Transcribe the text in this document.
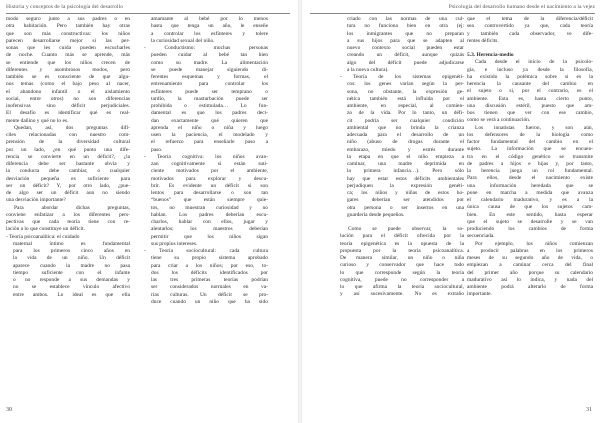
Historia y conceptos de la psicología del desarrollo
modo seguro junto a sus padres o en
otra habitación. Pero también hay otras
que son más constructivas: los niños
parecen desarrollarse mejor si las per-
sonas que les cuida pueden escucharles
de noche. Cuanto más se aprende, más
se entiende que los niños crecen de
diferentes y asombrosos modos, pero
también se es consciente de que algu-
nos temas (como el bajo peso al nacer,
el abandono infantil o el aislamiento
social, entre otros) no son diferencias
inofensivas sino déficit perjudiciales.
El desafío es identificar qué es real-
mente dañino y qué no lo es.
Quedan, así, dos preguntas difí-
ciles relacionadas con nuestro com-
prensión de la diversidad cultural
por un lado, ¿en qué punto una dife-
rencia se convierte en un déficit?, ¿la
diferencia debe ser bastante obvia y
la conducta debe cambiar, o cualquier
desviación pequeña es suficiente para
ser un déficit? Y, por otro lado, ¿pue-
de algo ser un déficit aun no siendo
una desviación importante?
Para abordar dichas preguntas,
conviene enfatizar a los diferentes pers-
pectivas que cada teoría tiene con re-
lación a lo que constituye un déficit.
- Teoría psicoanalítica: el cuidado
maternal íntimo es fundamental
para los primeros cinco años en
la vida de un niño. Un déficit
aparece cuando la madre no pasa
tiempo suficiente con el infante
o no responde a sus demandas y
no se establece vínculo afectivo
entre ambos. Lo ideal es que ella
amamante al bebé por lo menos
hasta que tenga un año, le enseñe
a controlar los esfínteres y tolere
la curiosidad sexual del niño.
- Conductismo: muchas personas
pueden cuidar al bebé tan bien
como su madre. La alimentación
se puede manejar siguiendo di-
ferentes esquemas y formas, el
entrenamiento para controlar los
esfínteres puede ser temprano o
tardío, la masturbación puede ser
prohibida o estimulada… Lo fun-
damental es que los padres deci-
dan exactamente qué quieren que
aprenda el niño o niña y luego
usen la paciencia, el modelado y
el refuerzo para enseñarle paso a
paso.
- Teoría cognitiva: los niños avan-
zan cognitivamente si están suti-
ciente motivados por el ambiente,
motivados para explorar y descu-
brir. Es evidente un déficit si son
lentos para desarrollarse o son tan
“buenos” que están siempre quie-
tos, no muestran curiosidad y no
hablan. Los padres deberían escu-
charlos, hablar con ellos, jugar y
alentarlos; los maestros deberían
permitir que los niños sigan
sus propios intereses.
- Teoría sociocultural: cada cultura
tiene su propio sistema aprobado
para criar a los niños; por eso, to-
dos los déficits identificados por
las tres primeras teorías podrían
ser considerados normales en va-
rias culturas. Un déficit se pro-
duce cuando un niño que ha sido
30
Psicología del desarrollo humano desde el nacimiento a la vejez
criado con las normas de una cul-
tura no funciona bien en otra (ej:
los inmigrantes que no preparan
a sus hijos para que se adapten al
nuevo contexto social pueden estar
creando un déficit, aunque quizás
algo del déficit puede adjudicarse
a la nueva cultura).
- Teoría de los sistemas epigenéti-
cos: los genes varían según la per-
sona, no obstante, la expresión ge-
nética también está influida por el
ambiente, en especial, al comien-
zo de la vida. Por lo tanto, un défi-
cit podría ser cualquier condición
ambiental que no brinda la crianza
adecuada para el desarrollo de un
niño (abuso de drogas durante el
embarazo, miedo y estrés durante
la etapa en que el niño empieza a
caminar, una madre deprimida en
la primera infancia…). Pero sólo
hay que estar estos déficits ambientales
perjudiquen la expresión genéti-
ca; los niños y niñas de estos ho-
gares deberían ser atendidos por
otra persona o ser insertos en una
guardería desde pequeños.
Como se puede observar, la so-
lución para el déficit ofrecida por la
teoría epigenética es la opuesta de la
propuesta por la teoría psicoanalítica.
De manera similar, un niño o niña
curioso y conservador que hace todo
lo que corresponde según la teoría
cognitiva, puede no corresponder a
lo que afirma la teoría sociocultural,
y así sucesivamente. No es extraño
que el tema de la diferencia/déficit
sea controvertido ya que, cada teoría
y también cada observador, ve dife-
rentes déficits.
5.3. Herencia-medio
Cada desde el inicio de la psicolo-
gía, e incluso ya desde la filosofía,
ha existido la polémica sobre si es la
herencia la causante del cambio en
el sujeto o si, por el contrario, es el
ambiente. Esta es, hasta cierto punto,
una discusión estéril, puesto que am-
bos tienen que ver con ese cambio,
como se verá a continuación.
Los innatistas fueron, y son aún,
los defensores de la biología como
factor fundamental del cambio en el
sujeto. La información que se encuen-
tra en el código genético se transmite
de padres a hijos e hijas y, por tanto,
la herencia juega un rol fundamental.
Para ellos, desde el nacimiento existe
una información heredada que se
pone en marcha a medida que avanza
el calendario madurativo, y es a la
única causa de que los sujetos cam-
bien. En este sentido, hasta esperar
que el sujeto se desarrolle y se van
produciendo los cambios de forma
secuenciada.
Por ejemplo, los niños comienzan
a producir palabras en los primeros
meses de su segundo año de vida, o
empiezan a caminar cerca del final
del primer año porque su calendario
madurativo así lo indica, y nada del
ambiente podrá alterarlo de forma
importante.
31
